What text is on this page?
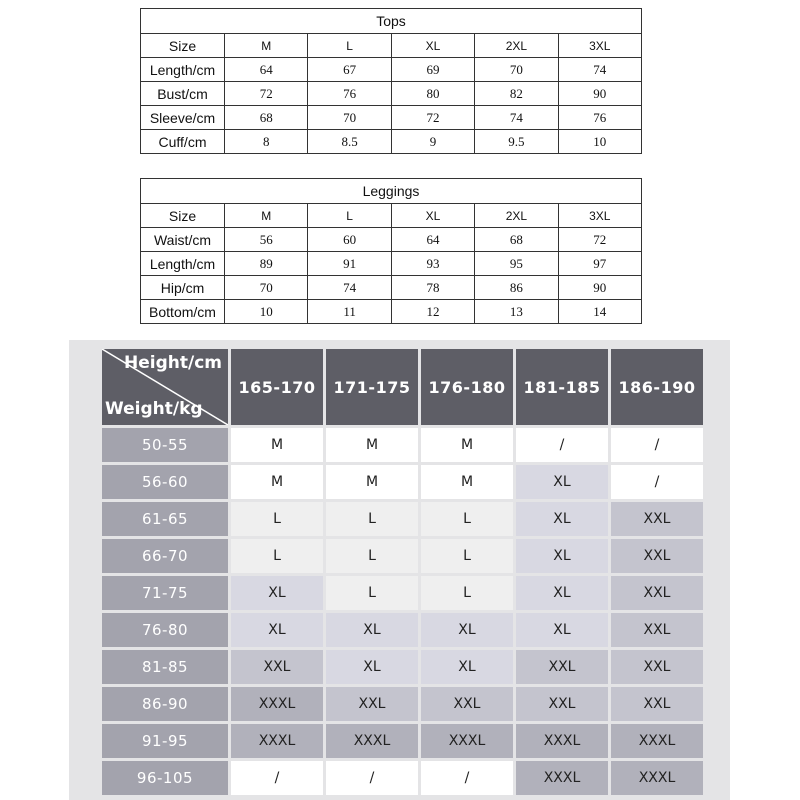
Tops					
Size	M	L	XL	2XL	3XL
Length/cm	64	67	69	70	74
Bust/cm	72	76	80	82	90
Sleeve/cm	68	70	72	74	76
Cuff/cm	8	8.5	9	9.5	10
Leggings					
Size	M	L	XL	2XL	3XL
Waist/cm	56	60	64	68	72
Length/cm	89	91	93	95	97
Hip/cm	70	74	78	86	90
Bottom/cm	10	11	12	13	14
Height/cm
Weight/kg	165-170	171-175	176-180	181-185	186-190
50-55	M	M	M	/	/
56-60	M	M	M	XL	/
61-65	L	L	L	XL	XXL
66-70	L	L	L	XL	XXL
71-75	XL	L	L	XL	XXL
76-80	XL	XL	XL	XL	XXL
81-85	XXL	XL	XL	XXL	XXL
86-90	XXXL	XXL	XXL	XXL	XXL
91-95	XXXL	XXXL	XXXL	XXXL	XXXL
96-105	/	/	/	XXXL	XXXL
